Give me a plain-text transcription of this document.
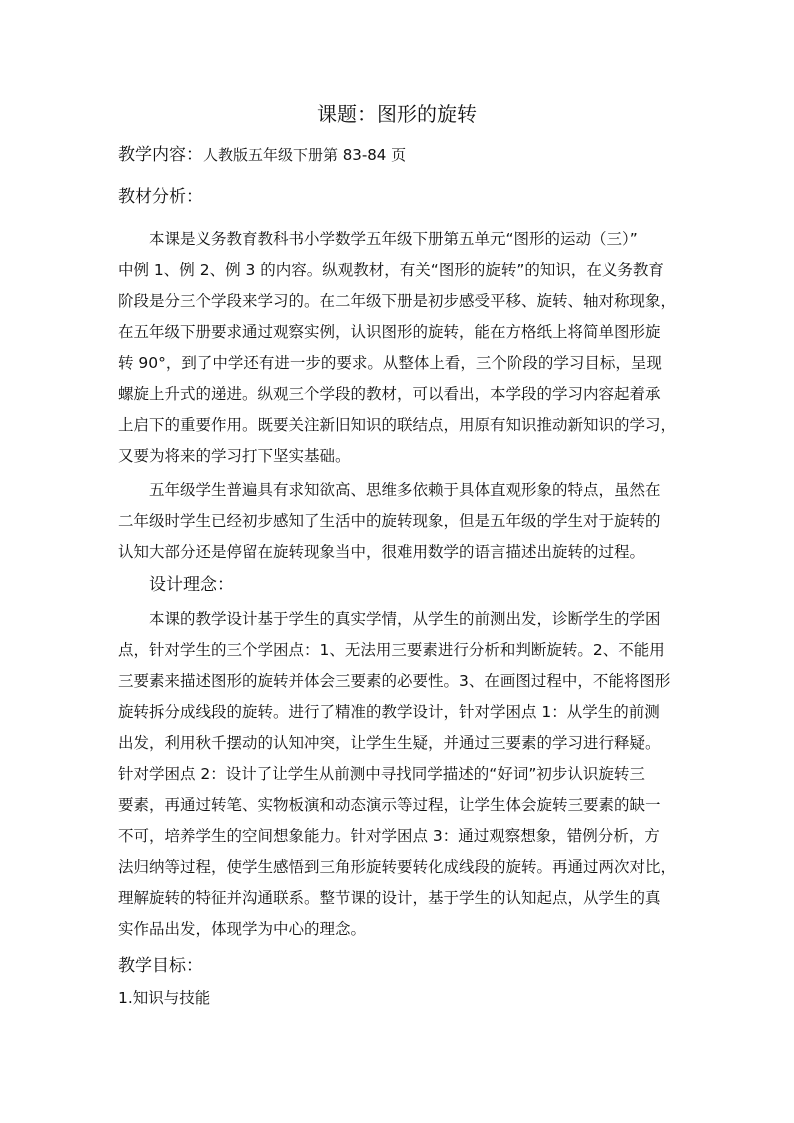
课题：图形的旋转
教学内容：人教版五年级下册第 83-84 页
教材分析：
本课是义务教育教科书小学数学五年级下册第五单元“图形的运动（三）”
中例 1、例 2、例 3 的内容。纵观教材，有关“图形的旋转”的知识，在义务教育
阶段是分三个学段来学习的。在二年级下册是初步感受平移、旋转、轴对称现象，
在五年级下册要求通过观察实例，认识图形的旋转，能在方格纸上将简单图形旋
转 90°，到了中学还有进一步的要求。从整体上看，三个阶段的学习目标，呈现
螺旋上升式的递进。纵观三个学段的教材，可以看出，本学段的学习内容起着承
上启下的重要作用。既要关注新旧知识的联结点，用原有知识推动新知识的学习，
又要为将来的学习打下坚实基础。
五年级学生普遍具有求知欲高、思维多依赖于具体直观形象的特点，虽然在
二年级时学生已经初步感知了生活中的旋转现象，但是五年级的学生对于旋转的
认知大部分还是停留在旋转现象当中，很难用数学的语言描述出旋转的过程。
设计理念：
本课的教学设计基于学生的真实学情，从学生的前测出发，诊断学生的学困
点，针对学生的三个学困点：1、无法用三要素进行分析和判断旋转。2、不能用
三要素来描述图形的旋转并体会三要素的必要性。3、在画图过程中，不能将图形
旋转拆分成线段的旋转。进行了精准的教学设计，针对学困点 1：从学生的前测
出发，利用秋千摆动的认知冲突，让学生生疑，并通过三要素的学习进行释疑。
针对学困点 2：设计了让学生从前测中寻找同学描述的“好词”初步认识旋转三
要素，再通过转笔、实物板演和动态演示等过程，让学生体会旋转三要素的缺一
不可，培养学生的空间想象能力。针对学困点 3：通过观察想象，错例分析，方
法归纳等过程，使学生感悟到三角形旋转要转化成线段的旋转。再通过两次对比，
理解旋转的特征并沟通联系。整节课的设计，基于学生的认知起点，从学生的真
实作品出发，体现学为中心的理念。
教学目标：
1.知识与技能
